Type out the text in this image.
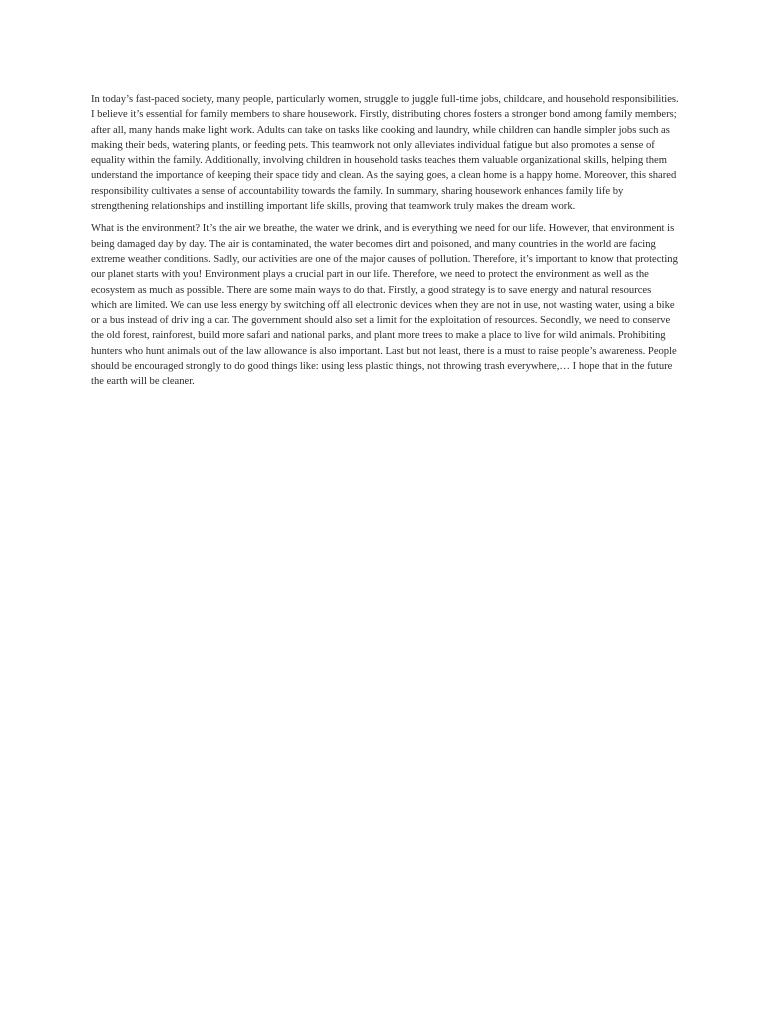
In today’s fast-paced society, many people, particularly women, struggle to juggle full-time jobs, childcare, and household responsibilities. I believe it’s essential for family members to share housework. Firstly, distributing chores fosters a stronger bond among family members; after all, many hands make light work. Adults can take on tasks like cooking and laundry, while children can handle simpler jobs such as making their beds, watering plants, or feeding pets. This teamwork not only alleviates individual fatigue but also promotes a sense of equality within the family. Additionally, involving children in household tasks teaches them valuable organizational skills, helping them understand the importance of keeping their space tidy and clean. As the saying goes, a clean home is a happy home. Moreover, this shared responsibility cultivates a sense of accountability towards the family. In summary, sharing housework enhances family life by strengthening relationships and instilling important life skills, proving that teamwork truly makes the dream work.

What is the environment? It’s the air we breathe, the water we drink, and is everything we need for our life. However, that environment is being damaged day by day. The air is contaminated, the water becomes dirt and poisoned, and many countries in the world are facing extreme weather conditions. Sadly, our activities are one of the major causes of pollution. Therefore, it’s important to know that protecting our planet starts with you! Environment plays a crucial part in our life. Therefore, we need to protect the environment as well as the ecosystem as much as possible. There are some main ways to do that. Firstly, a good strategy is to save energy and natural resources which are limited. We can use less energy by switching off all electronic devices when they are not in use, not wasting water, using a bike or a bus instead of driv ing a car. The government should also set a limit for the exploitation of resources. Secondly, we need to conserve the old forest, rainforest, build more safari and national parks, and plant more trees to make a place to live for wild animals. Prohibiting hunters who hunt animals out of the law allowance is also important. Last but not least, there is a must to raise people’s awareness. People should be encouraged strongly to do good things like: using less plastic things, not throwing trash everywhere,… I hope that in the future the earth will be cleaner.
